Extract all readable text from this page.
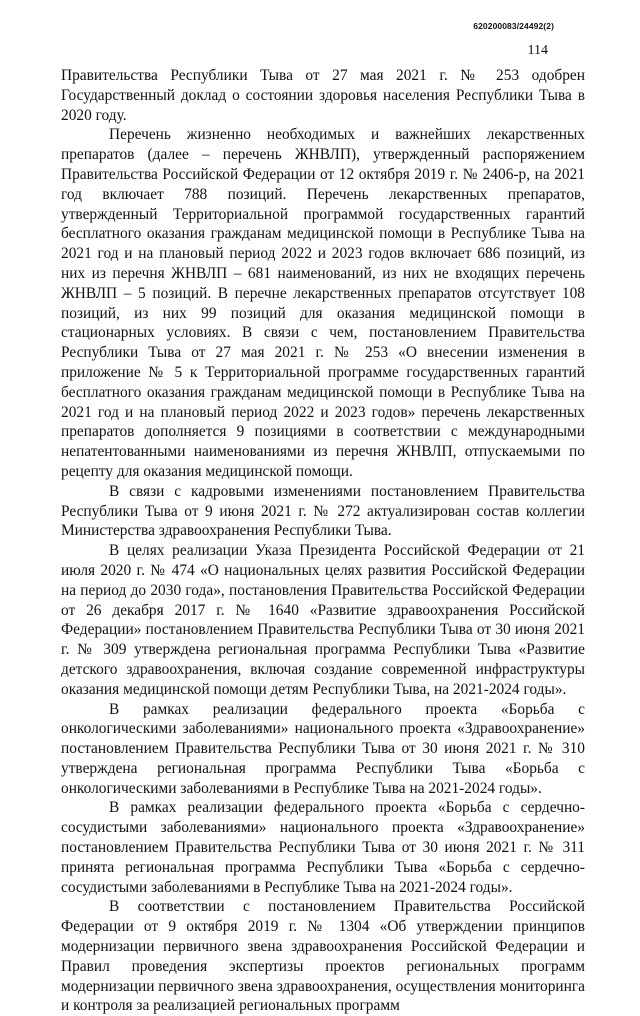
620200083/24492(2)
114

Правительства Республики Тыва от 27 мая 2021 г. № 253 одобрен Государственный доклад о состоянии здоровья населения Республики Тыва в 2020 году.

Перечень жизненно необходимых и важнейших лекарственных препаратов (далее – перечень ЖНВЛП), утвержденный распоряжением Правительства Российской Федерации от 12 октября 2019 г. № 2406-р, на 2021 год включает 788 позиций. Перечень лекарственных препаратов, утвержденный Территориальной программой государственных гарантий бесплатного оказания гражданам медицинской помощи в Республике Тыва на 2021 год и на плановый период 2022 и 2023 годов включает 686 позиций, из них из перечня ЖНВЛП – 681 наименований, из них не входящих перечень ЖНВЛП – 5 позиций. В перечне лекарственных препаратов отсутствует 108 позиций, из них 99 позиций для оказания медицинской помощи в стационарных условиях. В связи с чем, постановлением Правительства Республики Тыва от 27 мая 2021 г. № 253 «О внесении изменения в приложение № 5 к Территориальной программе государственных гарантий бесплатного оказания гражданам медицинской помощи в Республике Тыва на 2021 год и на плановый период 2022 и 2023 годов» перечень лекарственных препаратов дополняется 9 позициями в соответствии с международными непатентованными наименованиями из перечня ЖНВЛП, отпускаемыми по рецепту для оказания медицинской помощи.

В связи с кадровыми изменениями постановлением Правительства Республики Тыва от 9 июня 2021 г. № 272 актуализирован состав коллегии Министерства здравоохранения Республики Тыва.

В целях реализации Указа Президента Российской Федерации от 21 июля 2020 г. № 474 «О национальных целях развития Российской Федерации на период до 2030 года», постановления Правительства Российской Федерации от 26 декабря 2017 г. № 1640 «Развитие здравоохранения Российской Федерации» постановлением Правительства Республики Тыва от 30 июня 2021 г. № 309 утверждена региональная программа Республики Тыва «Развитие детского здравоохранения, включая создание современной инфраструктуры оказания медицинской помощи детям Республики Тыва, на 2021-2024 годы».

В рамках реализации федерального проекта «Борьба с онкологическими заболеваниями» национального проекта «Здравоохранение» постановлением Правительства Республики Тыва от 30 июня 2021 г. № 310 утверждена региональная программа Республики Тыва «Борьба с онкологическими заболеваниями в Республике Тыва на 2021-2024 годы».

В рамках реализации федерального проекта «Борьба с сердечно-сосудистыми заболеваниями» национального проекта «Здравоохранение» постановлением Правительства Республики Тыва от 30 июня 2021 г. № 311 принята региональная программа Республики Тыва «Борьба с сердечно-сосудистыми заболеваниями в Республике Тыва на 2021-2024 годы».

В соответствии с постановлением Правительства Российской Федерации от 9 октября 2019 г. № 1304 «Об утверждении принципов модернизации первичного звена здравоохранения Российской Федерации и Правил проведения экспертизы проектов региональных программ модернизации первичного звена здравоохранения, осуществления мониторинга и контроля за реализацией региональных программ
